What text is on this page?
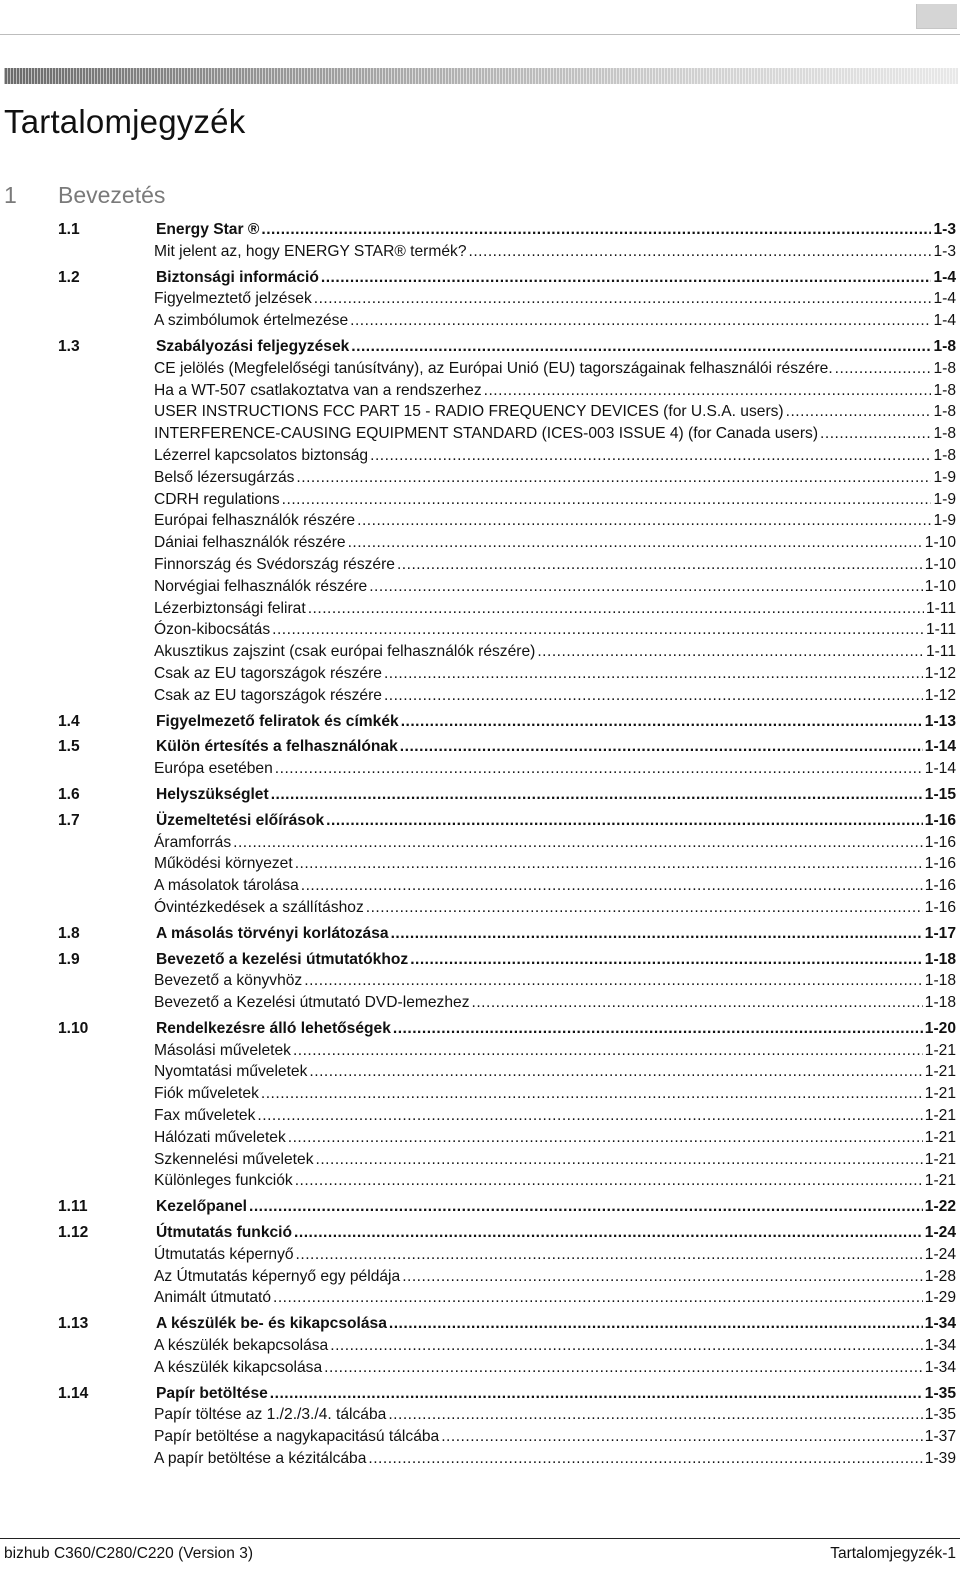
Tartalomjegyzék
1	Bevezetés
1.1	Energy Star ® .....	1-3
Mit jelent az, hogy ENERGY STAR® termék? .....	1-3
1.2	Biztonsági információ .....	1-4
Figyelmeztető jelzések .....	1-4
A szimbólumok értelmezése .....	1-4
1.3	Szabályozási feljegyzések .....	1-8
CE jelölés (Megfelelőségi tanúsítvány), az Európai Unió (EU) tagországainak felhasználói részére. .....	1-8
Ha a WT-507 csatlakoztatva van a rendszerhez .....	1-8
USER INSTRUCTIONS FCC PART 15 - RADIO FREQUENCY DEVICES (for U.S.A. users) .....	1-8
INTERFERENCE-CAUSING EQUIPMENT STANDARD (ICES-003 ISSUE 4) (for Canada users) .....	1-8
Lézerrel kapcsolatos biztonság .....	1-8
Belső lézersugárzás .....	1-9
CDRH regulations .....	1-9
Európai felhasználók részére .....	1-9
Dániai felhasználók részére .....	1-10
Finnország és Svédország részére .....	1-10
Norvégiai felhasználók részére .....	1-10
Lézerbiztonsági felirat .....	1-11
Ózon-kibocsátás .....	1-11
Akusztikus zajszint (csak európai felhasználók részére) .....	1-11
Csak az EU tagországok részére .....	1-12
Csak az EU tagországok részére .....	1-12
1.4	Figyelmezető feliratok és címkék .....	1-13
1.5	Külön értesítés a felhasználónak .....	1-14
Európa esetében .....	1-14
1.6	Helyszükséglet .....	1-15
1.7	Üzemeltetési előírások .....	1-16
Áramforrás .....	1-16
Működési környezet .....	1-16
A másolatok tárolása .....	1-16
Óvintézkedések a szállításhoz .....	1-16
1.8	A másolás törvényi korlátozása .....	1-17
1.9	Bevezető a kezelési útmutatókhoz .....	1-18
Bevezető a könyvhöz .....	1-18
Bevezető a Kezelési útmutató DVD-lemezhez .....	1-18
1.10	Rendelkezésre álló lehetőségek .....	1-20
Másolási műveletek .....	1-21
Nyomtatási műveletek .....	1-21
Fiók műveletek .....	1-21
Fax műveletek .....	1-21
Hálózati műveletek .....	1-21
Szkennelési műveletek .....	1-21
Különleges funkciók .....	1-21
1.11	Kezelőpanel .....	1-22
1.12	Útmutatás funkció .....	1-24
Útmutatás képernyő .....	1-24
Az Útmutatás képernyő egy példája .....	1-28
Animált útmutató .....	1-29
1.13	A készülék be- és kikapcsolása .....	1-34
A készülék bekapcsolása .....	1-34
A készülék kikapcsolása .....	1-34
1.14	Papír betöltése .....	1-35
Papír töltése az 1./2./3./4. tálcába .....	1-35
Papír betöltése a nagykapacitású tálcába .....	1-37
A papír betöltése a kézitálcába .....	1-39
bizhub C360/C280/C220 (Version 3)	Tartalomjegyzék-1
